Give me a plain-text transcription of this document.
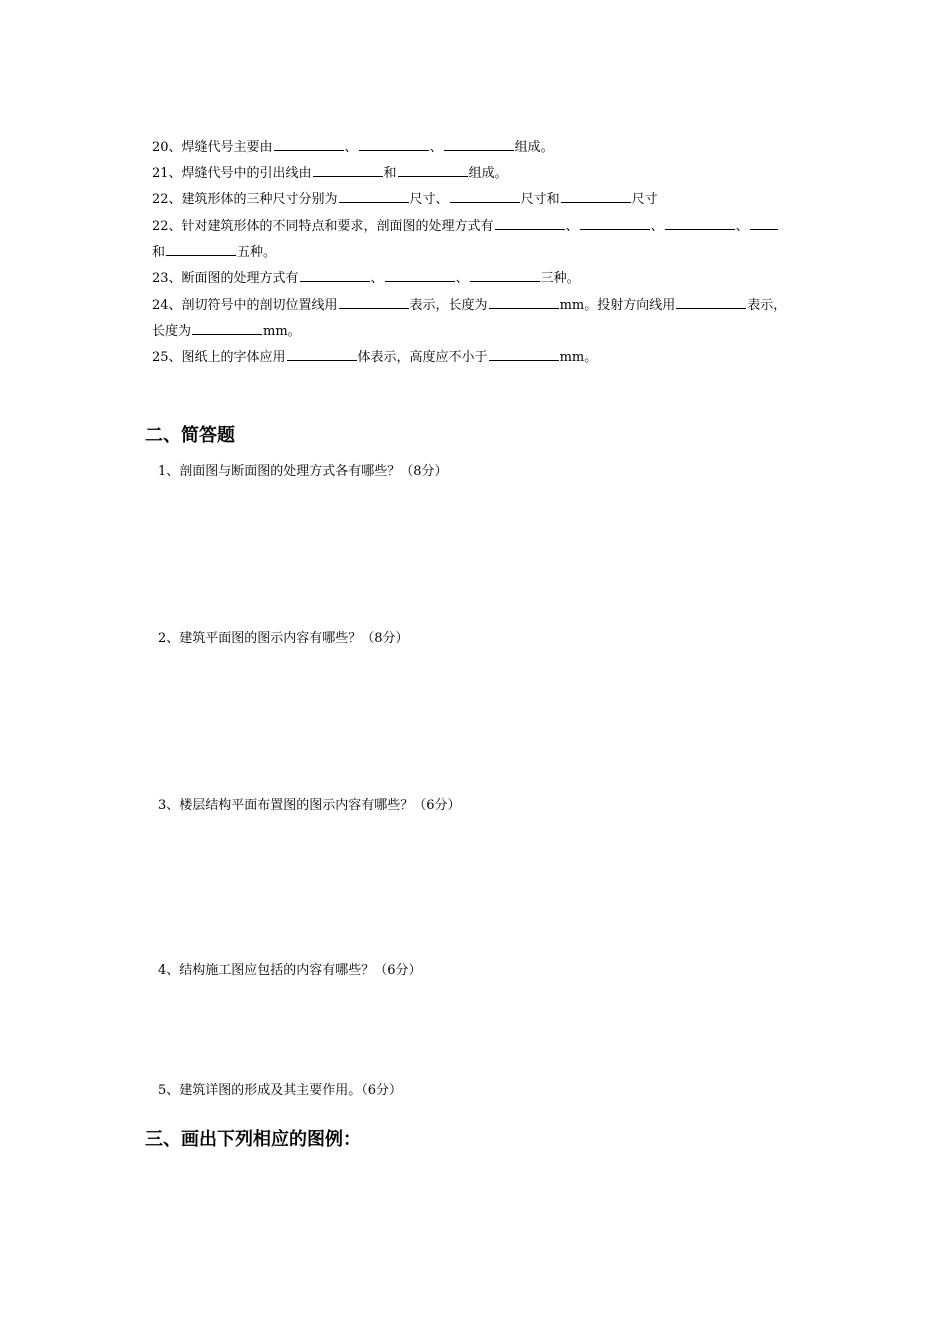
20、焊缝代号主要由	、	、	组成。
21、焊缝代号中的引出线由	和	组成。
22、建筑形体的三种尺寸分别为	尺寸、	尺寸和	尺寸
22、针对建筑形体的不同特点和要求，剖面图的处理方式有	、	、	、
和	五种。
23、断面图的处理方式有	、	、	三种。
24、剖切符号中的剖切位置线用	表示，长度为	mm。投射方向线用	表示，
长度为	mm。
25、图纸上的字体应用	体表示，高度应不小于	mm。
二、简答题
1、剖面图与断面图的处理方式各有哪些？（8分）
2、建筑平面图的图示内容有哪些？（8分）
3、楼层结构平面布置图的图示内容有哪些？（6分）
4、结构施工图应包括的内容有哪些？（6分）
5、建筑详图的形成及其主要作用。（6分）
三、画出下列相应的图例：
